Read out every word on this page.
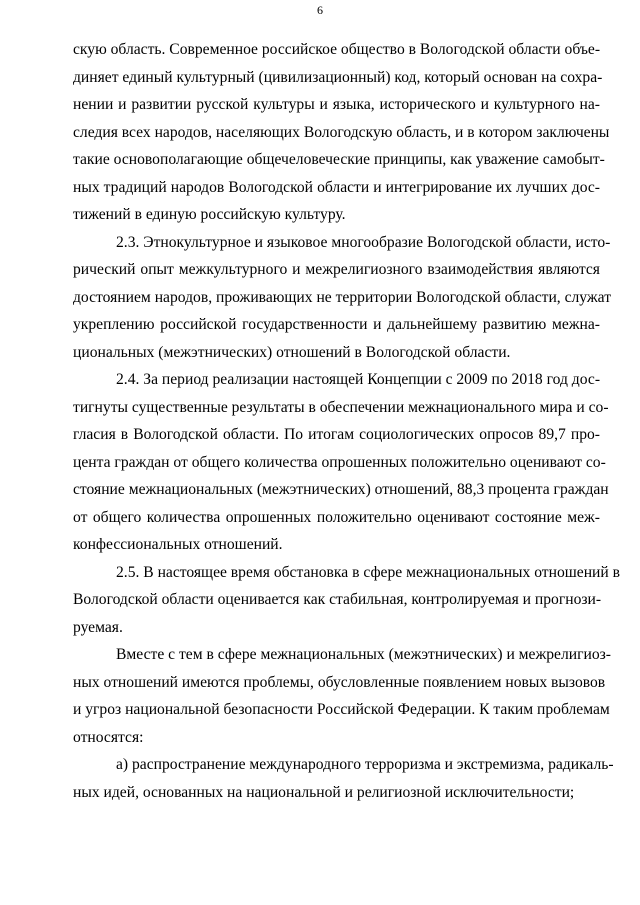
6
скую область. Современное российское общество в Вологодской области объе-
диняет единый культурный (цивилизационный) код, который основан на сохра-
нении и развитии русской культуры и языка, исторического и культурного на-
следия всех народов, населяющих Вологодскую область, и в котором заключены
такие основополагающие общечеловеческие принципы, как уважение самобыт-
ных традиций народов Вологодской области и интегрирование их лучших дос-
тижений в единую российскую культуру.
2.3. Этнокультурное и языковое многообразие Вологодской области, исто-
рический опыт межкультурного и межрелигиозного взаимодействия являются
достоянием народов, проживающих не территории Вологодской области, служат
укреплению российской государственности и дальнейшему развитию межна-
циональных (межэтнических) отношений в Вологодской области.
2.4. За период реализации настоящей Концепции с 2009 по 2018 год дос-
тигнуты существенные результаты в обеспечении межнационального мира и со-
гласия в Вологодской области. По итогам социологических опросов 89,7 про-
цента граждан от общего количества опрошенных положительно оценивают со-
стояние межнациональных (межэтнических) отношений, 88,3 процента граждан
от общего количества опрошенных положительно оценивают состояние меж-
конфессиональных отношений.
2.5. В настоящее время обстановка в сфере межнациональных отношений в
Вологодской области оценивается как стабильная, контролируемая и прогнози-
руемая.
Вместе с тем в сфере межнациональных (межэтнических) и межрелигиоз-
ных отношений имеются проблемы, обусловленные появлением новых вызовов
и угроз национальной безопасности Российской Федерации. К таким проблемам
относятся:
а) распространение международного терроризма и экстремизма, радикаль-
ных идей, основанных на национальной и религиозной исключительности;
